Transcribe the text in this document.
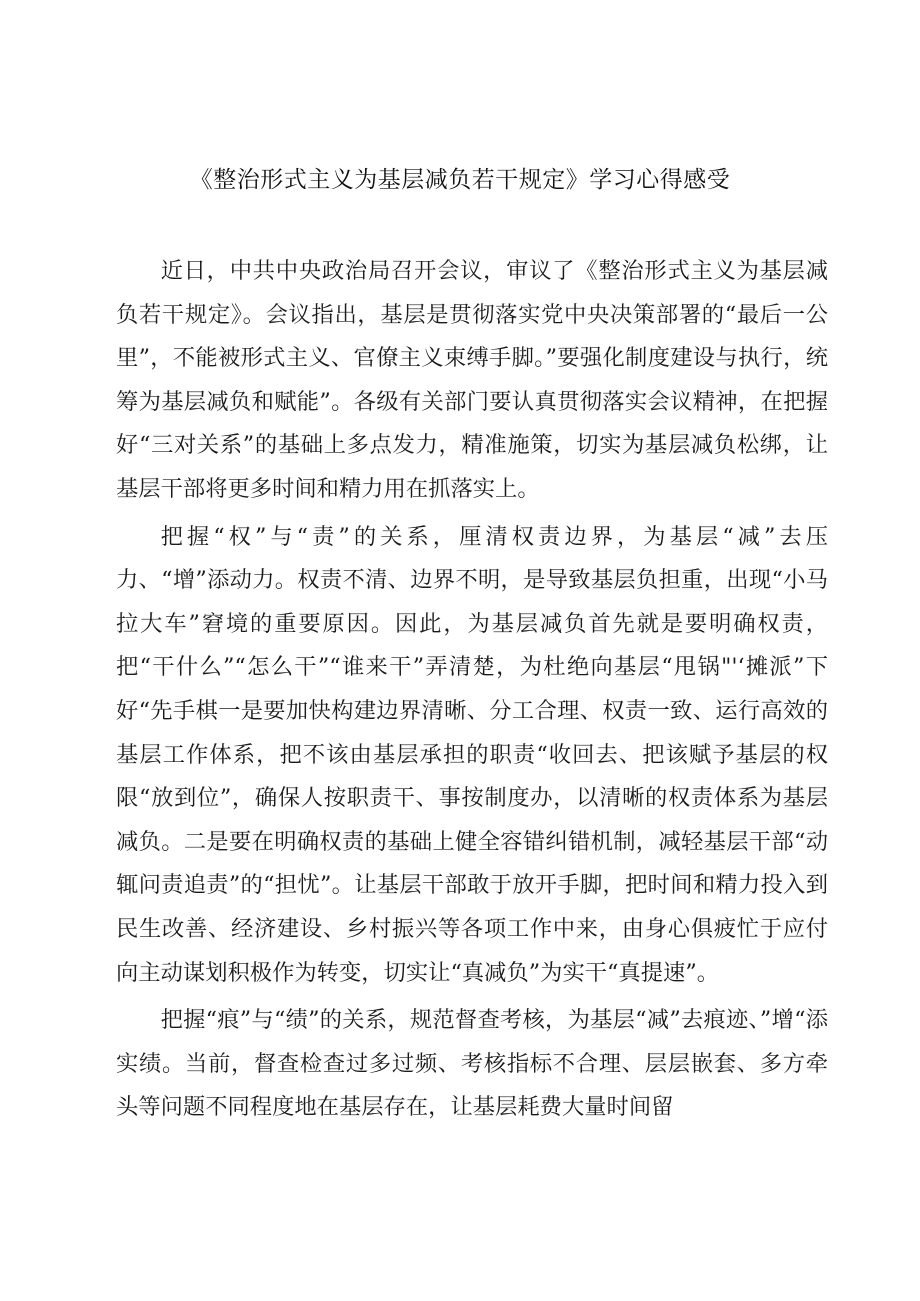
《整治形式主义为基层减负若干规定》学习心得感受

近日，中共中央政治局召开会议，审议了《整治形式主义为基层减负若干规定》。会议指出，基层是贯彻落实党中央决策部署的“最后一公里”，不能被形式主义、官僚主义束缚手脚。”要强化制度建设与执行，统筹为基层减负和赋能”。各级有关部门要认真贯彻落实会议精神，在把握好“三对关系”的基础上多点发力，精准施策，切实为基层减负松绑，让基层干部将更多时间和精力用在抓落实上。

把握“权”与“责”的关系，厘清权责边界，为基层“减”去压力、“增”添动力。权责不清、边界不明，是导致基层负担重，出现“小马拉大车”窘境的重要原因。因此，为基层减负首先就是要明确权责，把“干什么”“怎么干”“谁来干”弄清楚，为杜绝向基层“甩锅"'‘摊派”下好“先手棋一是要加快构建边界清晰、分工合理、权责一致、运行高效的基层工作体系，把不该由基层承担的职责“收回去、把该赋予基层的权限“放到位”，确保人按职责干、事按制度办，以清晰的权责体系为基层减负。二是要在明确权责的基础上健全容错纠错机制，减轻基层干部“动辄问责追责”的“担忧”。让基层干部敢于放开手脚，把时间和精力投入到民生改善、经济建设、乡村振兴等各项工作中来，由身心俱疲忙于应付向主动谋划积极作为转变，切实让“真减负”为实干“真提速”。

把握“痕”与“绩”的关系，规范督查考核，为基层“减”去痕迹、”增“添实绩。当前，督查检查过多过频、考核指标不合理、层层嵌套、多方牵头等问题不同程度地在基层存在，让基层耗费大量时间留
